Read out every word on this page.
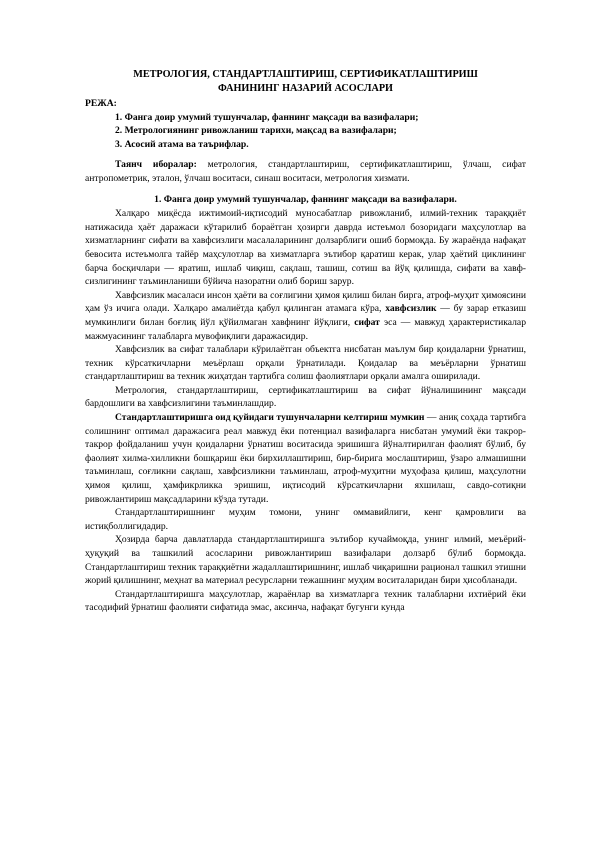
МЕТРОЛОГИЯ, СТАНДАРТЛАШТИРИШ, СЕРТИФИКАТЛАШТИРИШ
ФАНИНИНГ НАЗАРИЙ АСОСЛАРИ
РЕЖА:
1. Фанга доир умумий тушунчалар, фаннинг мақсади ва вазифалари;
2. Метрологиянинг ривожланиш тарихи, мақсад ва вазифалари;
3. Асосий атама ва таърифлар.

Таянч иборалар: метрология, стандартлаштириш, сертификатлаштириш, ўлчаш, сифат антропометрик, эталон, ўлчаш воситаси, синаш воситаси, метрология хизмати.

1. Фанга доир умумий тушунчалар, фаннинг мақсади ва вазифалари.

Халқаро миқёсда ижтимоий-иқтисодий муносабатлар ривожланиб, илмий-техник тараққиёт натижасида ҳаёт даражаси кўтарилиб бораётган ҳозирги даврда истеъмол бозоридаги маҳсулотлар ва хизматларнинг сифати ва хавфсизлиги масалаларининг долзарблиги ошиб бормоқда. Бу жараёнда нафақат бевосита истеъмолга тайёр маҳсулотлар ва хизматларга эътибор қаратиш керак, улар ҳаётий циклининг барча босқичлари — яратиш, ишлаб чиқиш, сақлаш, ташиш, сотиш ва йўқ қилишда, сифати ва хавф-сизлигининг таъминланиши бўйича назоратни олиб бориш зарур.

Хавфсизлик масаласи инсон ҳаёти ва соғлигини ҳимоя қилиш билан бирга, атроф-муҳит ҳимоясини ҳам ўз ичига олади. Халқаро амалиётда қабул қилинган атамага кўра, хавфсизлик — бу зарар етказиш мумкинлиги билан боғлиқ йўл қўйилмаган хавфнинг йўқлиги, сифат эса — мавжуд ҳарактеристикалар мажмуасининг талабларга мувофиқлиги даражасидир.

Хавфсизлик ва сифат талаблари кўрилаётган объектга нисбатан маълум бир қоидаларни ўрнатиш, техник кўрсаткичларни меъёрлаш орқали ўрнатилади. Қоидалар ва меъёрларни ўрнатиш стандартлаштириш ва техник жиҳатдан тартибга солиш фаолиятлари орқали амалга оширилади.

Метрология, стандартлаштириш, сертификатлаштириш ва сифат йўналишининг мақсади бардошлиги ва хавфсизлигини таъминлашдир.

Стандартлаштиришга оид қуйидаги тушунчаларни келтириш мумкин — аниқ соҳада тартибга солишнинг оптимал даражасига реал мавжуд ёки потенциал вазифаларга нисбатан умумий ёки такрор-такрор фойдаланиш учун қоидаларни ўрнатиш воситасида эришишга йўналтирилган фаолият бўлиб, бу фаолият хилма-хилликни бошқариш ёки бирхиллаштириш, бир-бирига мослаштириш, ўзаро алмашишни таъминлаш, соғликни сақлаш, хавфсизликни таъминлаш, атроф-муҳитни муҳофаза қилиш, маҳсулотни ҳимоя қилиш, ҳамфикрликка эришиш, иқтисодий кўрсаткичларни яхшилаш, савдо-сотиқни ривожлантириш мақсадларини кўзда тутади.

Стандартлаштиришнинг муҳим томони, унинг оммавийлиги, кенг қамровлиги ва истиқболлигидадир.

Ҳозирда барча давлатларда стандартлаштиришга эътибор кучаймоқда, унинг илмий, меъёрий-ҳуқуқий ва ташкилий асосларини ривожлантириш вазифалари долзарб бўлиб бормоқда. Стандартлаштириш техник тараққиётни жадаллаштиришнинг, ишлаб чиқаришни рационал ташкил этишни жорий қилишнинг, меҳнат ва материал ресурсларни тежашнинг муҳим воситаларидан бири ҳисобланади.

Стандартлаштиришга маҳсулотлар, жараёнлар ва хизматларга техник талабларни ихтиёрий ёки тасодифий ўрнатиш фаолияти сифатида эмас, аксинча, нафақат бугунги кунда
